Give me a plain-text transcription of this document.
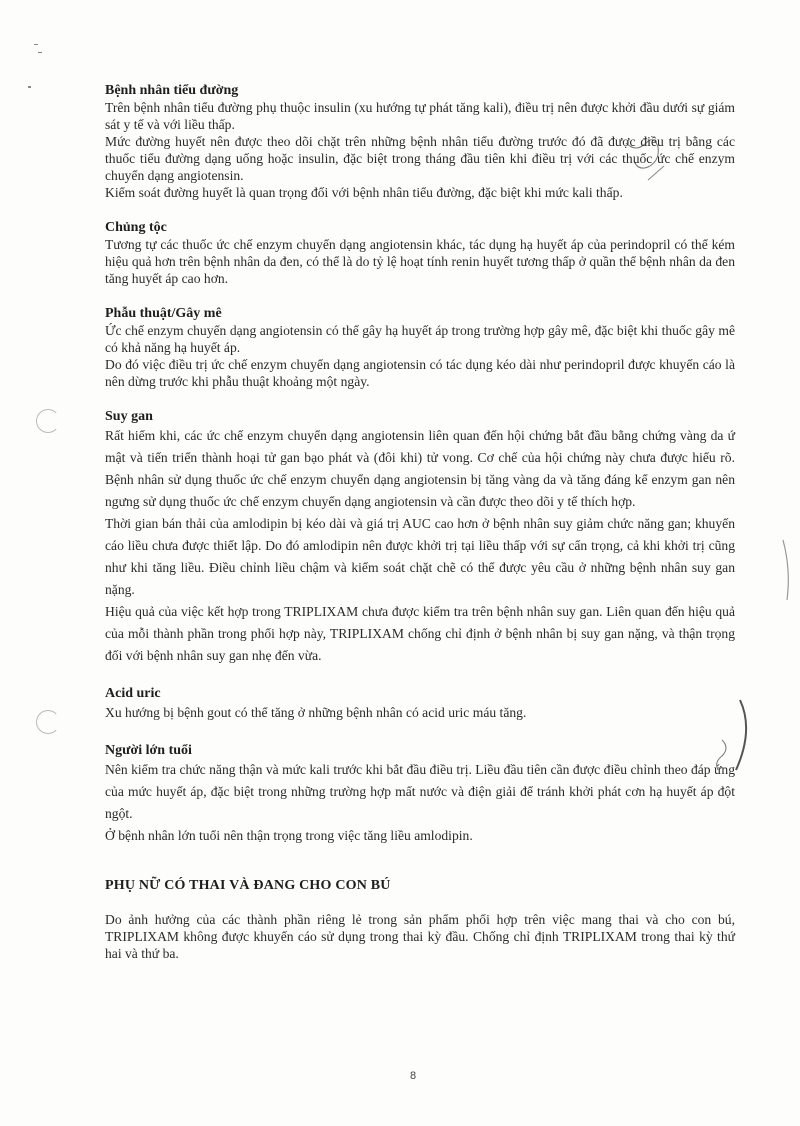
Bệnh nhân tiểu đường

Trên bệnh nhân tiểu đường phụ thuộc insulin (xu hướng tự phát tăng kali), điều trị nên được khởi đầu dưới sự giám sát y tế và với liều thấp.

Mức đường huyết nên được theo dõi chặt trên những bệnh nhân tiểu đường trước đó đã được điều trị bằng các thuốc tiểu đường dạng uống hoặc insulin, đặc biệt trong tháng đầu tiên khi điều trị với các thuốc ức chế enzym chuyển dạng angiotensin.

Kiểm soát đường huyết là quan trọng đối với bệnh nhân tiểu đường, đặc biệt khi mức kali thấp.

Chủng tộc

Tương tự các thuốc ức chế enzym chuyển dạng angiotensin khác, tác dụng hạ huyết áp của perindopril có thể kém hiệu quả hơn trên bệnh nhân da đen, có thể là do tỷ lệ hoạt tính renin huyết tương thấp ở quần thể bệnh nhân da đen tăng huyết áp cao hơn.

Phẫu thuật/Gây mê

Ức chế enzym chuyển dạng angiotensin có thể gây hạ huyết áp trong trường hợp gây mê, đặc biệt khi thuốc gây mê có khả năng hạ huyết áp.

Do đó việc điều trị ức chế enzym chuyển dạng angiotensin có tác dụng kéo dài như perindopril được khuyến cáo là nên dừng trước khi phẫu thuật khoảng một ngày.

Suy gan

Rất hiếm khi, các ức chế enzym chuyển dạng angiotensin liên quan đến hội chứng bắt đầu bằng chứng vàng da ứ mật và tiến triển thành hoại tử gan bạo phát và (đôi khi) tử vong. Cơ chế của hội chứng này chưa được hiểu rõ. Bệnh nhân sử dụng thuốc ức chế enzym chuyển dạng angiotensin bị tăng vàng da và tăng đáng kể enzym gan nên ngưng sử dụng thuốc ức chế enzym chuyển dạng angiotensin và cần được theo dõi y tế thích hợp.

Thời gian bán thải của amlodipin bị kéo dài và giá trị AUC cao hơn ở bệnh nhân suy giảm chức năng gan; khuyến cáo liều chưa được thiết lập. Do đó amlodipin nên được khởi trị tại liều thấp với sự cẩn trọng, cả khi khởi trị cũng như khi tăng liều. Điều chỉnh liều chậm và kiểm soát chặt chẽ có thể được yêu cầu ở những bệnh nhân suy gan nặng.

Hiệu quả của việc kết hợp trong TRIPLIXAM chưa được kiểm tra trên bệnh nhân suy gan. Liên quan đến hiệu quả của mỗi thành phần trong phối hợp này, TRIPLIXAM chống chỉ định ở bệnh nhân bị suy gan nặng, và thận trọng đối với bệnh nhân suy gan nhẹ đến vừa.

Acid uric

Xu hướng bị bệnh gout có thể tăng ở những bệnh nhân có acid uric máu tăng.

Người lớn tuổi

Nên kiểm tra chức năng thận và mức kali trước khi bắt đầu điều trị. Liều đầu tiên cần được điều chỉnh theo đáp ứng của mức huyết áp, đặc biệt trong những trường hợp mất nước và điện giải để tránh khởi phát cơn hạ huyết áp đột ngột.

Ở bệnh nhân lớn tuổi nên thận trọng trong việc tăng liều amlodipin.

PHỤ NỮ CÓ THAI VÀ ĐANG CHO CON BÚ

Do ảnh hưởng của các thành phần riêng lẻ trong sản phẩm phối hợp trên việc mang thai và cho con bú, TRIPLIXAM không được khuyến cáo sử dụng trong thai kỳ đầu. Chống chỉ định TRIPLIXAM trong thai kỳ thứ hai và thứ ba.

8
